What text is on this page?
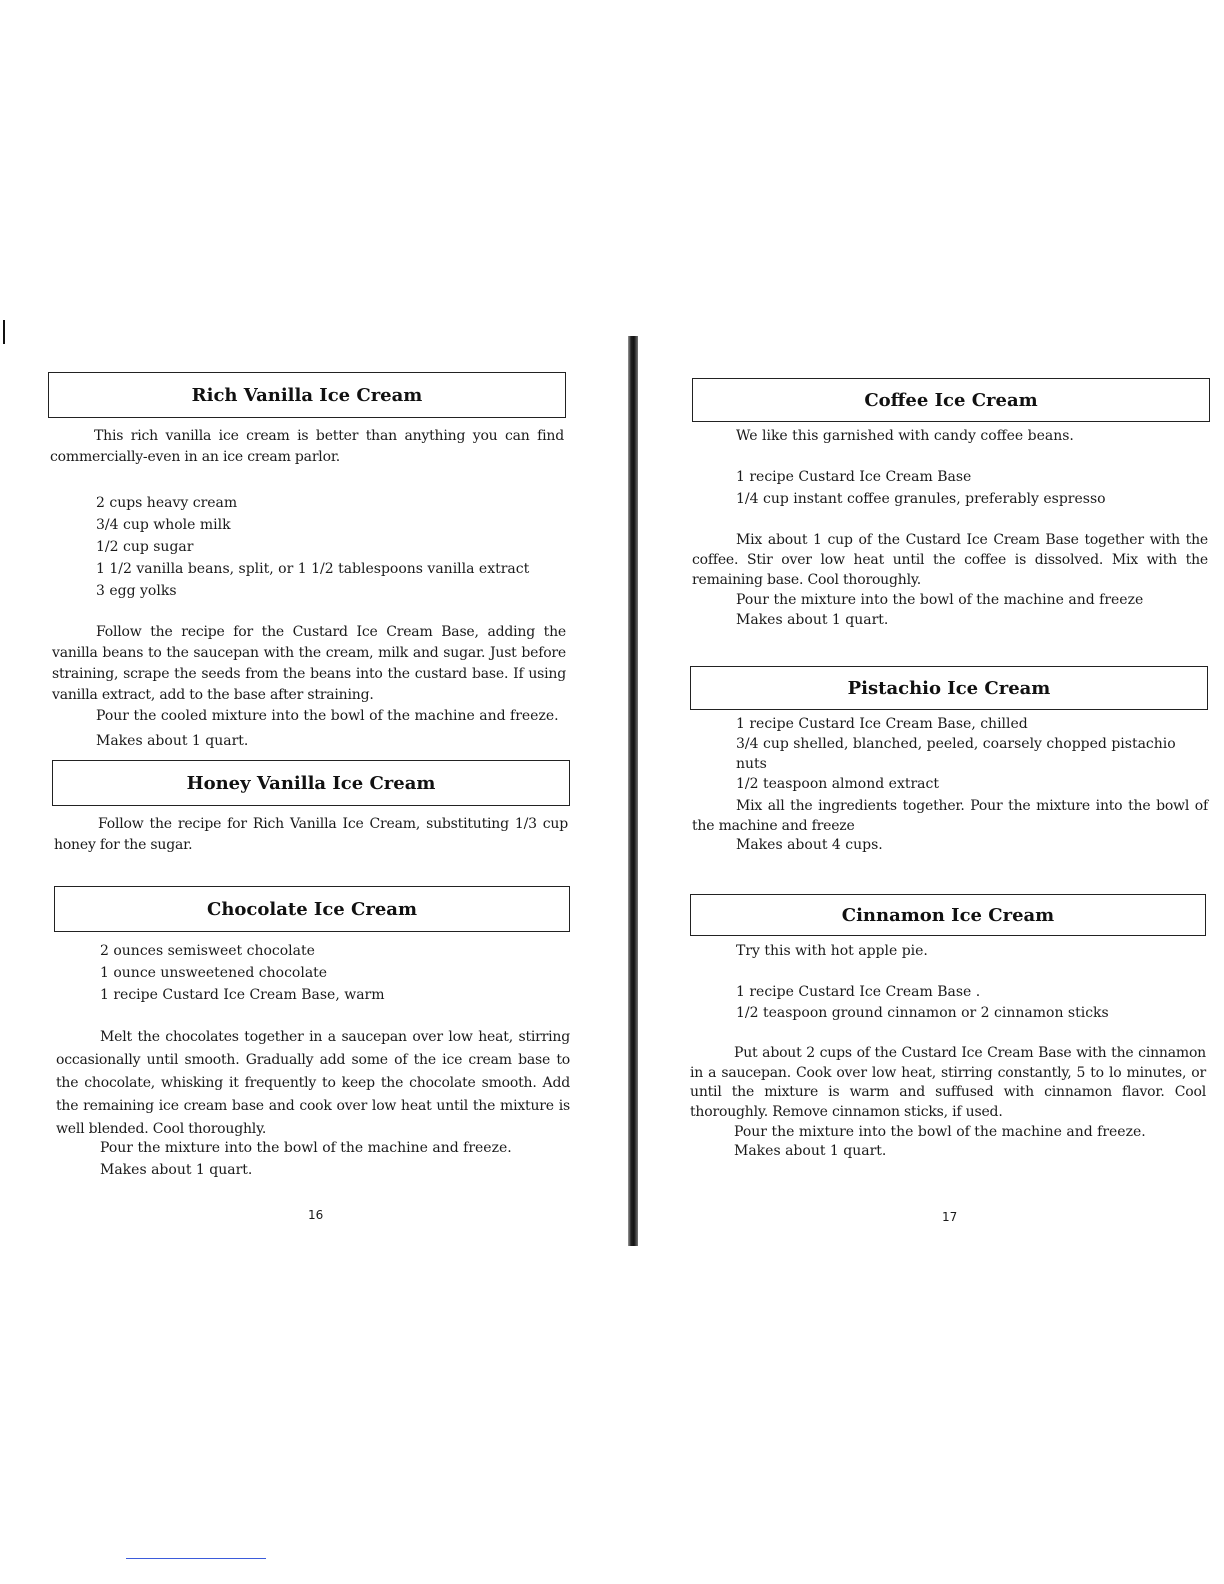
Rich Vanilla Ice Cream

This rich vanilla ice cream is better than anything you can find commercially-even in an ice cream parlor.

2 cups heavy cream
3/4 cup whole milk
1/2 cup sugar
1 1/2 vanilla beans, split, or 1 1/2 tablespoons vanilla extract
3 egg yolks

Follow the recipe for the Custard Ice Cream Base, adding the vanilla beans to the saucepan with the cream, milk and sugar. Just before straining, scrape the seeds from the beans into the custard base. If using vanilla extract, add to the base after straining.

Pour the cooled mixture into the bowl of the machine and freeze.
Makes about 1 quart.
Honey Vanilla Ice Cream

Follow the recipe for Rich Vanilla Ice Cream, substituting 1/3 cup honey for the sugar.

Chocolate Ice Cream
2 ounces semisweet chocolate
1 ounce unsweetened chocolate
1 recipe Custard Ice Cream Base, warm

Melt the chocolates together in a saucepan over low heat, stirring occasionally until smooth. Gradually add some of the ice cream base to the chocolate, whisking it frequently to keep the chocolate smooth. Add the remaining ice cream base and cook over low heat until the mixture is well blended. Cool thoroughly.

Pour the mixture into the bowl of the machine and freeze.
Makes about 1 quart.
16
Coffee Ice Cream
We like this garnished with candy coffee beans.
1 recipe Custard Ice Cream Base
1/4 cup instant coffee granules, preferably espresso

Mix about 1 cup of the Custard Ice Cream Base together with the coffee. Stir over low heat until the coffee is dissolved. Mix with the remaining base. Cool thoroughly.

Pour the mixture into the bowl of the machine and freeze
Makes about 1 quart.
Pistachio Ice Cream
1 recipe Custard Ice Cream Base, chilled
3/4 cup shelled, blanched, peeled, coarsely chopped pistachio nuts
1/2 teaspoon almond extract

Mix all the ingredients together. Pour the mixture into the bowl of the machine and freeze

Makes about 4 cups.
Cinnamon Ice Cream
Try this with hot apple pie.
1 recipe Custard Ice Cream Base .
1/2 teaspoon ground cinnamon or 2 cinnamon sticks

Put about 2 cups of the Custard Ice Cream Base with the cinnamon in a saucepan. Cook over low heat, stirring constantly, 5 to lo minutes, or until the mixture is warm and suffused with cinnamon flavor. Cool thoroughly. Remove cinnamon sticks, if used.

Pour the mixture into the bowl of the machine and freeze.
Makes about 1 quart.
17
